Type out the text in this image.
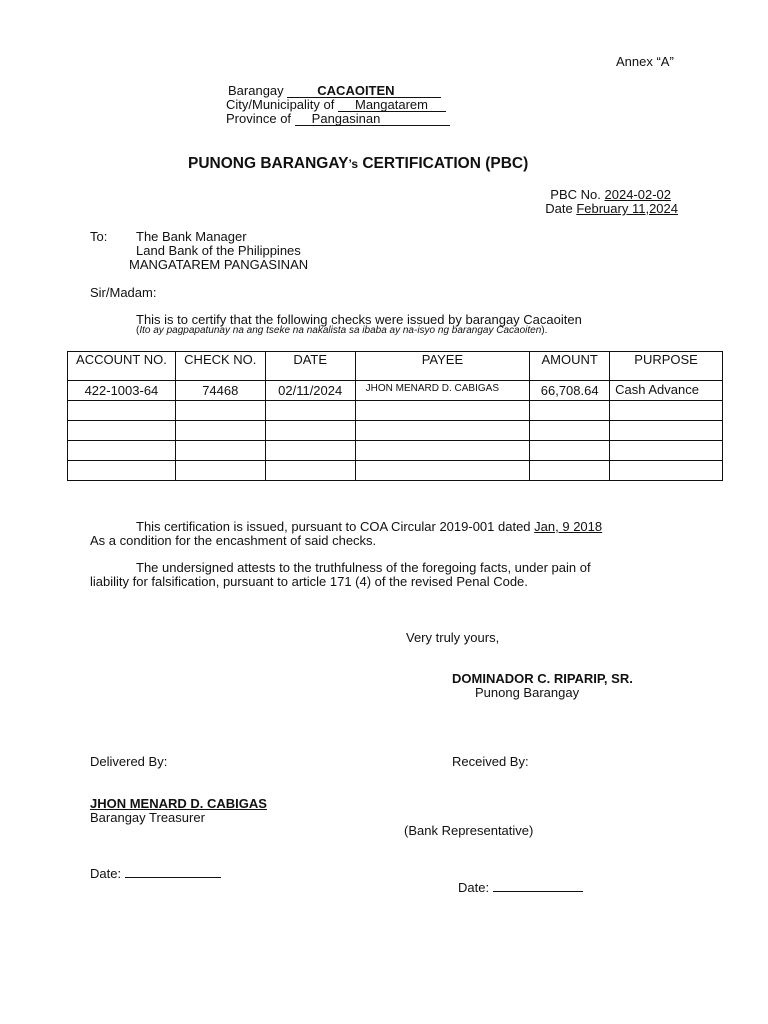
Annex “A”
Barangay	CACAOITEN
City/Municipality of Mangatarem
Province of Pangasinan
PUNONG BARANGAY’s CERTIFICATION (PBC)
PBC No. 2024-02-02
Date February 11,2024
To: The Bank Manager
Land Bank of the Philippines
MANGATAREM PANGASINAN
Sir/Madam:
This is to certify that the following checks were issued by barangay Cacaoiten
(Ito ay pagpapatunay na ang tseke na nakalista sa ibaba ay na-isyo ng barangay Cacaoiten).
ACCOUNT NO.	CHECK NO.	DATE	PAYEE	AMOUNT	PURPOSE
422-1003-64	74468	02/11/2024	JHON MENARD D. CABIGAS	66,708.64	Cash Advance

This certification is issued, pursuant to COA Circular 2019-001 dated Jan, 9 2018
As a condition for the encashment of said checks.
The undersigned attests to the truthfulness of the foregoing facts, under pain of
liability for falsification, pursuant to article 171 (4) of the revised Penal Code.
Very truly yours,
DOMINADOR C. RIPARIP, SR.
Punong Barangay
Delivered By:	Received By:
JHON MENARD D. CABIGAS
Barangay Treasurer
(Bank Representative)
Date:
Date:
